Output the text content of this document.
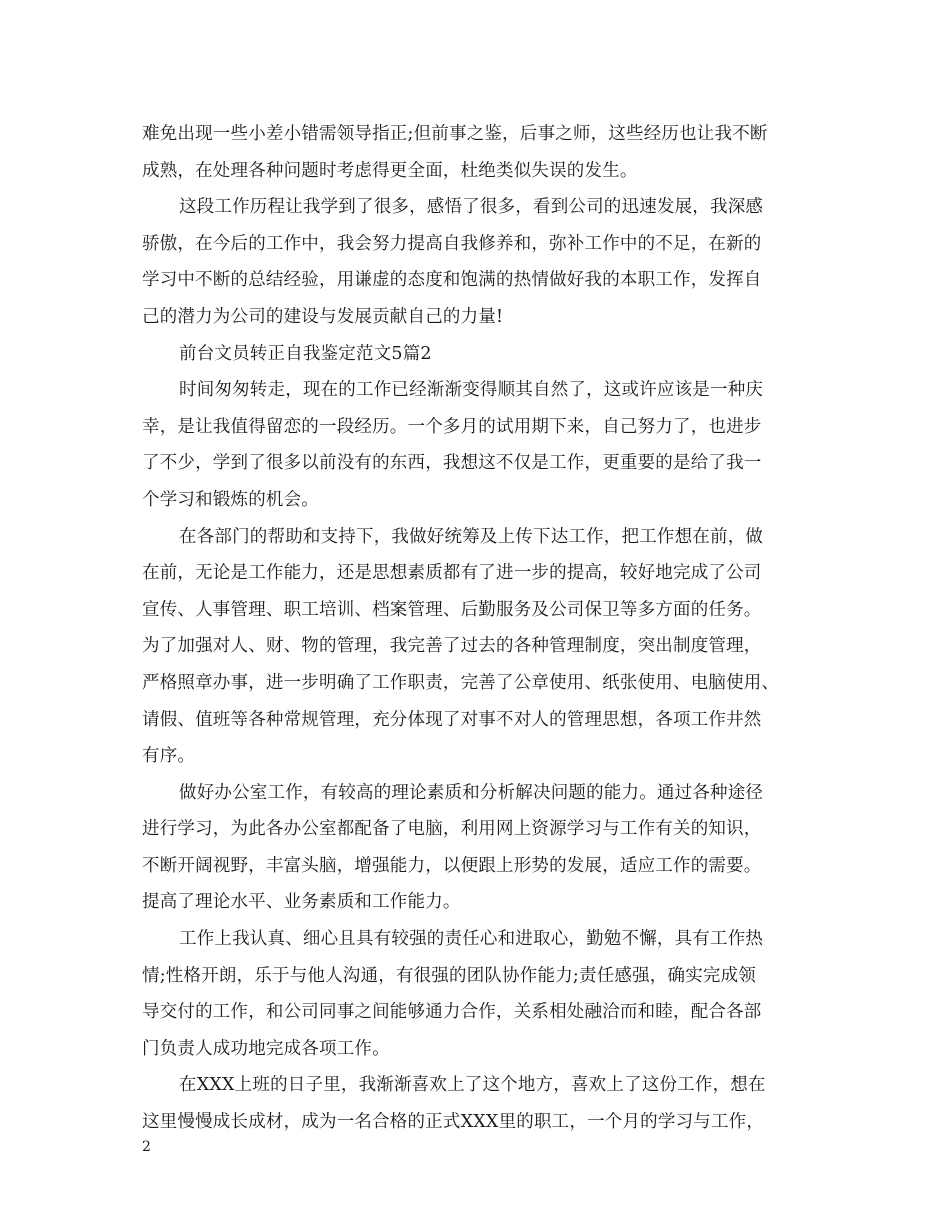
难免出现一些小差小错需领导指正;但前事之鉴，后事之师，这些经历也让我不断
成熟，在处理各种问题时考虑得更全面，杜绝类似失误的发生。
这段工作历程让我学到了很多，感悟了很多，看到公司的迅速发展，我深感
骄傲，在今后的工作中，我会努力提高自我修养和，弥补工作中的不足，在新的
学习中不断的总结经验，用谦虚的态度和饱满的热情做好我的本职工作，发挥自
己的潜力为公司的建设与发展贡献自己的力量!
前台文员转正自我鉴定范文5篇2
时间匆匆转走，现在的工作已经渐渐变得顺其自然了，这或许应该是一种庆
幸，是让我值得留恋的一段经历。一个多月的试用期下来，自己努力了，也进步
了不少，学到了很多以前没有的东西，我想这不仅是工作，更重要的是给了我一
个学习和锻炼的机会。
在各部门的帮助和支持下，我做好统筹及上传下达工作，把工作想在前，做
在前，无论是工作能力，还是思想素质都有了进一步的提高，较好地完成了公司
宣传、人事管理、职工培训、档案管理、后勤服务及公司保卫等多方面的任务。
为了加强对人、财、物的管理，我完善了过去的各种管理制度，突出制度管理，
严格照章办事，进一步明确了工作职责，完善了公章使用、纸张使用、电脑使用、
请假、值班等各种常规管理，充分体现了对事不对人的管理思想，各项工作井然
有序。
做好办公室工作，有较高的理论素质和分析解决问题的能力。通过各种途径
进行学习，为此各办公室都配备了电脑，利用网上资源学习与工作有关的知识，
不断开阔视野，丰富头脑，增强能力，以便跟上形势的发展，适应工作的需要。
提高了理论水平、业务素质和工作能力。
工作上我认真、细心且具有较强的责任心和进取心，勤勉不懈，具有工作热
情;性格开朗，乐于与他人沟通，有很强的团队协作能力;责任感强，确实完成领
导交付的工作，和公司同事之间能够通力合作，关系相处融洽而和睦，配合各部
门负责人成功地完成各项工作。
在XXX上班的日子里，我渐渐喜欢上了这个地方，喜欢上了这份工作，想在
这里慢慢成长成材，成为一名合格的正式XXX里的职工，一个月的学习与工作，
2
